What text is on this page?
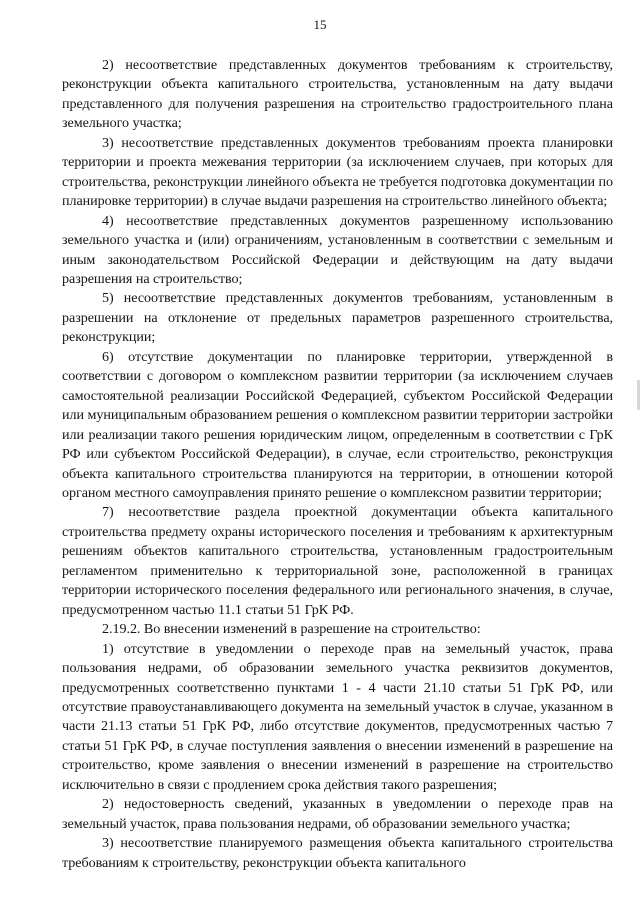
15

2) несоответствие представленных документов требованиям к строительству, реконструкции объекта капитального строительства, установленным на дату выдачи представленного для получения разрешения на строительство градостроительного плана земельного участка;

3) несоответствие представленных документов требованиям проекта планировки территории и проекта межевания территории (за исключением случаев, при которых для строительства, реконструкции линейного объекта не требуется подготовка документации по планировке территории) в случае выдачи разрешения на строительство линейного объекта;

4) несоответствие представленных документов разрешенному использованию земельного участка и (или) ограничениям, установленным в соответствии с земельным и иным законодательством Российской Федерации и действующим на дату выдачи разрешения на строительство;

5) несоответствие представленных документов требованиям, установленным в разрешении на отклонение от предельных параметров разрешенного строительства, реконструкции;

6) отсутствие документации по планировке территории, утвержденной в соответствии с договором о комплексном развитии территории (за исключением случаев самостоятельной реализации Российской Федерацией, субъектом Российской Федерации или муниципальным образованием решения о комплексном развитии территории застройки или реализации такого решения юридическим лицом, определенным в соответствии с ГрК РФ или субъектом Российской Федерации), в случае, если строительство, реконструкция объекта капитального строительства планируются на территории, в отношении которой органом местного самоуправления принято решение о комплексном развитии территории;

7) несоответствие раздела проектной документации объекта капитального строительства предмету охраны исторического поселения и требованиям к архитектурным решениям объектов капитального строительства, установленным градостроительным регламентом применительно к территориальной зоне, расположенной в границах территории исторического поселения федерального или регионального значения, в случае, предусмотренном частью 11.1 статьи 51 ГрК РФ.

2.19.2. Во внесении изменений в разрешение на строительство:

1) отсутствие в уведомлении о переходе прав на земельный участок, права пользования недрами, об образовании земельного участка реквизитов документов, предусмотренных соответственно пунктами 1 - 4 части 21.10 статьи 51 ГрК РФ, или отсутствие правоустанавливающего документа на земельный участок в случае, указанном в части 21.13 статьи 51 ГрК РФ, либо отсутствие документов, предусмотренных частью 7 статьи 51 ГрК РФ, в случае поступления заявления о внесении изменений в разрешение на строительство, кроме заявления о внесении изменений в разрешение на строительство исключительно в связи с продлением срока действия такого разрешения;

2) недостоверность сведений, указанных в уведомлении о переходе прав на земельный участок, права пользования недрами, об образовании земельного участка;

3) несоответствие планируемого размещения объекта капитального строительства требованиям к строительству, реконструкции объекта капитального
